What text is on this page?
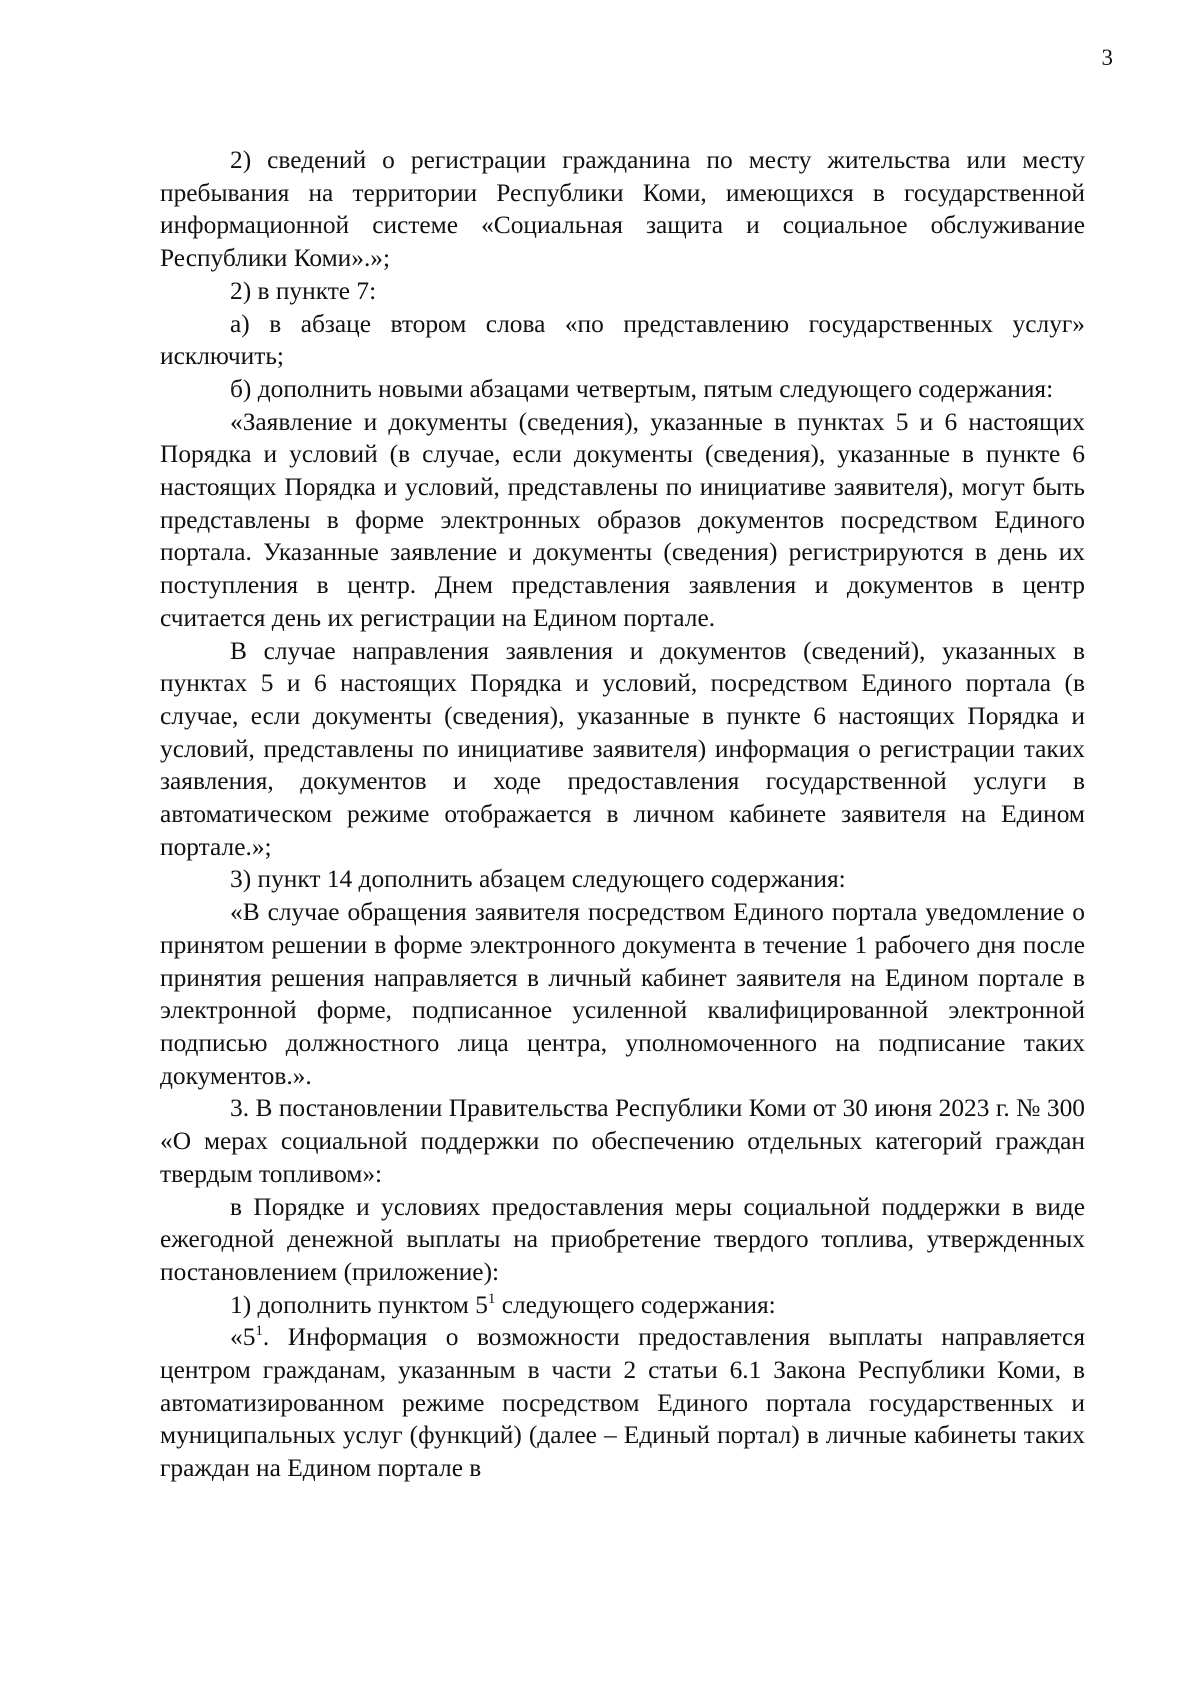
3

2) сведений о регистрации гражданина по месту жительства или месту пребывания на территории Республики Коми, имеющихся в государственной информационной системе «Социальная защита и социальное обслуживание Республики Коми».»;

2) в пункте 7:

а) в абзаце втором слова «по представлению государственных услуг» исключить;

б) дополнить новыми абзацами четвертым, пятым следующего содержания:

«Заявление и документы (сведения), указанные в пунктах 5 и 6 настоящих Порядка и условий (в случае, если документы (сведения), указанные в пункте 6 настоящих Порядка и условий, представлены по инициативе заявителя), могут быть представлены в форме электронных образов документов посредством Единого портала. Указанные заявление и документы (сведения) регистрируются в день их поступления в центр. Днем представления заявления и документов в центр считается день их регистрации на Едином портале.

В случае направления заявления и документов (сведений), указанных в пунктах 5 и 6 настоящих Порядка и условий, посредством Единого портала (в случае, если документы (сведения), указанные в пункте 6 настоящих Порядка и условий, представлены по инициативе заявителя) информация о регистрации таких заявления, документов и ходе предоставления государственной услуги в автоматическом режиме отображается в личном кабинете заявителя на Едином портале.»;

3) пункт 14 дополнить абзацем следующего содержания:

«В случае обращения заявителя посредством Единого портала уведомление о принятом решении в форме электронного документа в течение 1 рабочего дня после принятия решения направляется в личный кабинет заявителя на Едином портале в электронной форме, подписанное усиленной квалифицированной электронной подписью должностного лица центра, уполномоченного на подписание таких документов.».

3. В постановлении Правительства Республики Коми от 30 июня 2023 г. № 300 «О мерах социальной поддержки по обеспечению отдельных категорий граждан твердым топливом»:

в Порядке и условиях предоставления меры социальной поддержки в виде ежегодной денежной выплаты на приобретение твердого топлива, утвержденных постановлением (приложение):

1) дополнить пунктом $5^1$ следующего содержания:

«$5^1$. Информация о возможности предоставления выплаты направляется центром гражданам, указанным в части 2 статьи 6.1 Закона Республики Коми, в автоматизированном режиме посредством Единого портала государственных и муниципальных услуг (функций) (далее – Единый портал) в личные кабинеты таких граждан на Едином портале в
